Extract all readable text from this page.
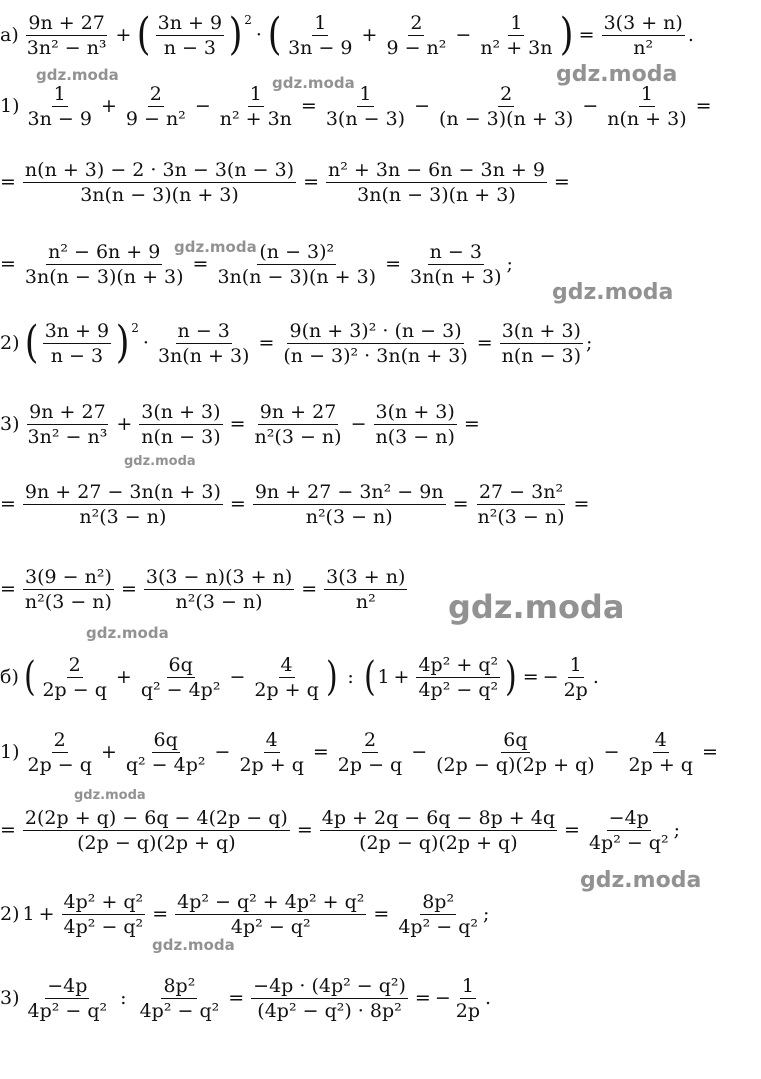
а)
9n + 27
3n² − n³
+ ( 3n + 9
n − 3 ) 2
· ( 1
3n − 9
+ $\frac{2}{\text{9 − n²}} - \frac{1}{\text{n² + 3n}}$ ) = $\frac{3(3 + n)}{\text{n²}}$ .
1)
1
3n − 9
+ $\frac{2}{\text{9 − n²}} - \frac{1}{\text{n² + 3n}} = \frac{1}{3(n - 3)} - \frac{2}{(n - 3)(n + 3)} - \frac{1}{n(n + 3)}$ =
= $\frac{n(n + 3) - 2 \cdot 3n - 3(n - 3)}{3n(n - 3)(n + 3)} = \frac{\text{n² + 3n − 6n − 3n + 9}}{3n(n - 3)(n + 3)}$ =
= $\frac{\text{n² − 6n + 9}}{3n(n - 3)(n + 3)} = \frac{\text{(n − 3)²}}{3n(n - 3)(n + 3)} = \frac{n - 3}{3n(n + 3)}$ ;
2) ( 3n + 9
n − 3 ) 2
· $\frac{n - 3}{3n(n + 3)} = \frac{\text{9(n + 3)² · (n − 3)}}{\text{(n − 3)² · 3n(n + 3)}} = \frac{3(n + 3)}{n(n - 3)}$ ;
3)
9n + 27
3n² − n³
+ $\frac{3(n + 3)}{n(n - 3)} = \frac{9n + 27}{\text{n²(3 − n)}} - \frac{3(n + 3)}{n(3 - n)}$ =
= $\frac{9n + 27 - 3n(n + 3)}{\text{n²(3 − n)}} = \frac{\text{9n + 27 − 3n² − 9n}}{\text{n²(3 − n)}} = \frac{\text{27 − 3n²}}{\text{n²(3 − n)}}$ =
= $\frac{\text{3(9 − n²)}}{\text{n²(3 − n)}} = \frac{3(3 - n)(3 + n)}{\text{n²(3 − n)}} = \frac{3(3 + n)}{\text{n²}}$
б) ( 2
2p − q
+ $\frac{6q}{\text{q² − 4p²}} - \frac{4}{2p + q}$ ) : ( $1 + \frac{\text{4p² + q²}}{\text{4p² − q²}}$ ) = − $\frac{1}{2p}$ .
1)
2
2p − q
+ $\frac{6q}{\text{q² − 4p²}} - \frac{4}{2p + q} = \frac{2}{2p - q} - \frac{6q}{(2p - q)(2p + q)} - \frac{4}{2p + q}$ =
= $\frac{2(2p + q) - 6q - 4(2p - q)}{(2p - q)(2p + q)} = \frac{4p + 2q - 6q - 8p + 4q}{(2p - q)(2p + q)} = \frac{-4p}{\text{4p² − q²}}$ ;
2) $1 + \frac{\text{4p² + q²}}{\text{4p² − q²}} = \frac{\text{4p² − q² + 4p² + q²}}{\text{4p² − q²}} = \frac{\text{8p²}}{\text{4p² − q²}}$ ;
3)
−4p
4p² − q²
: $\frac{\text{8p²}}{\text{4p² − q²}} = \frac{\text{−4p · (4p² − q²)}}{\text{(4p² − q²) · 8p²}}$ = − $\frac{1}{2p}$ .
gdz.moda	gdz.moda	gdz.moda
gdz.moda
gdz.moda
gdz.moda
gdz.moda
gdz.moda
gdz.moda
gdz.moda
gdz.moda
